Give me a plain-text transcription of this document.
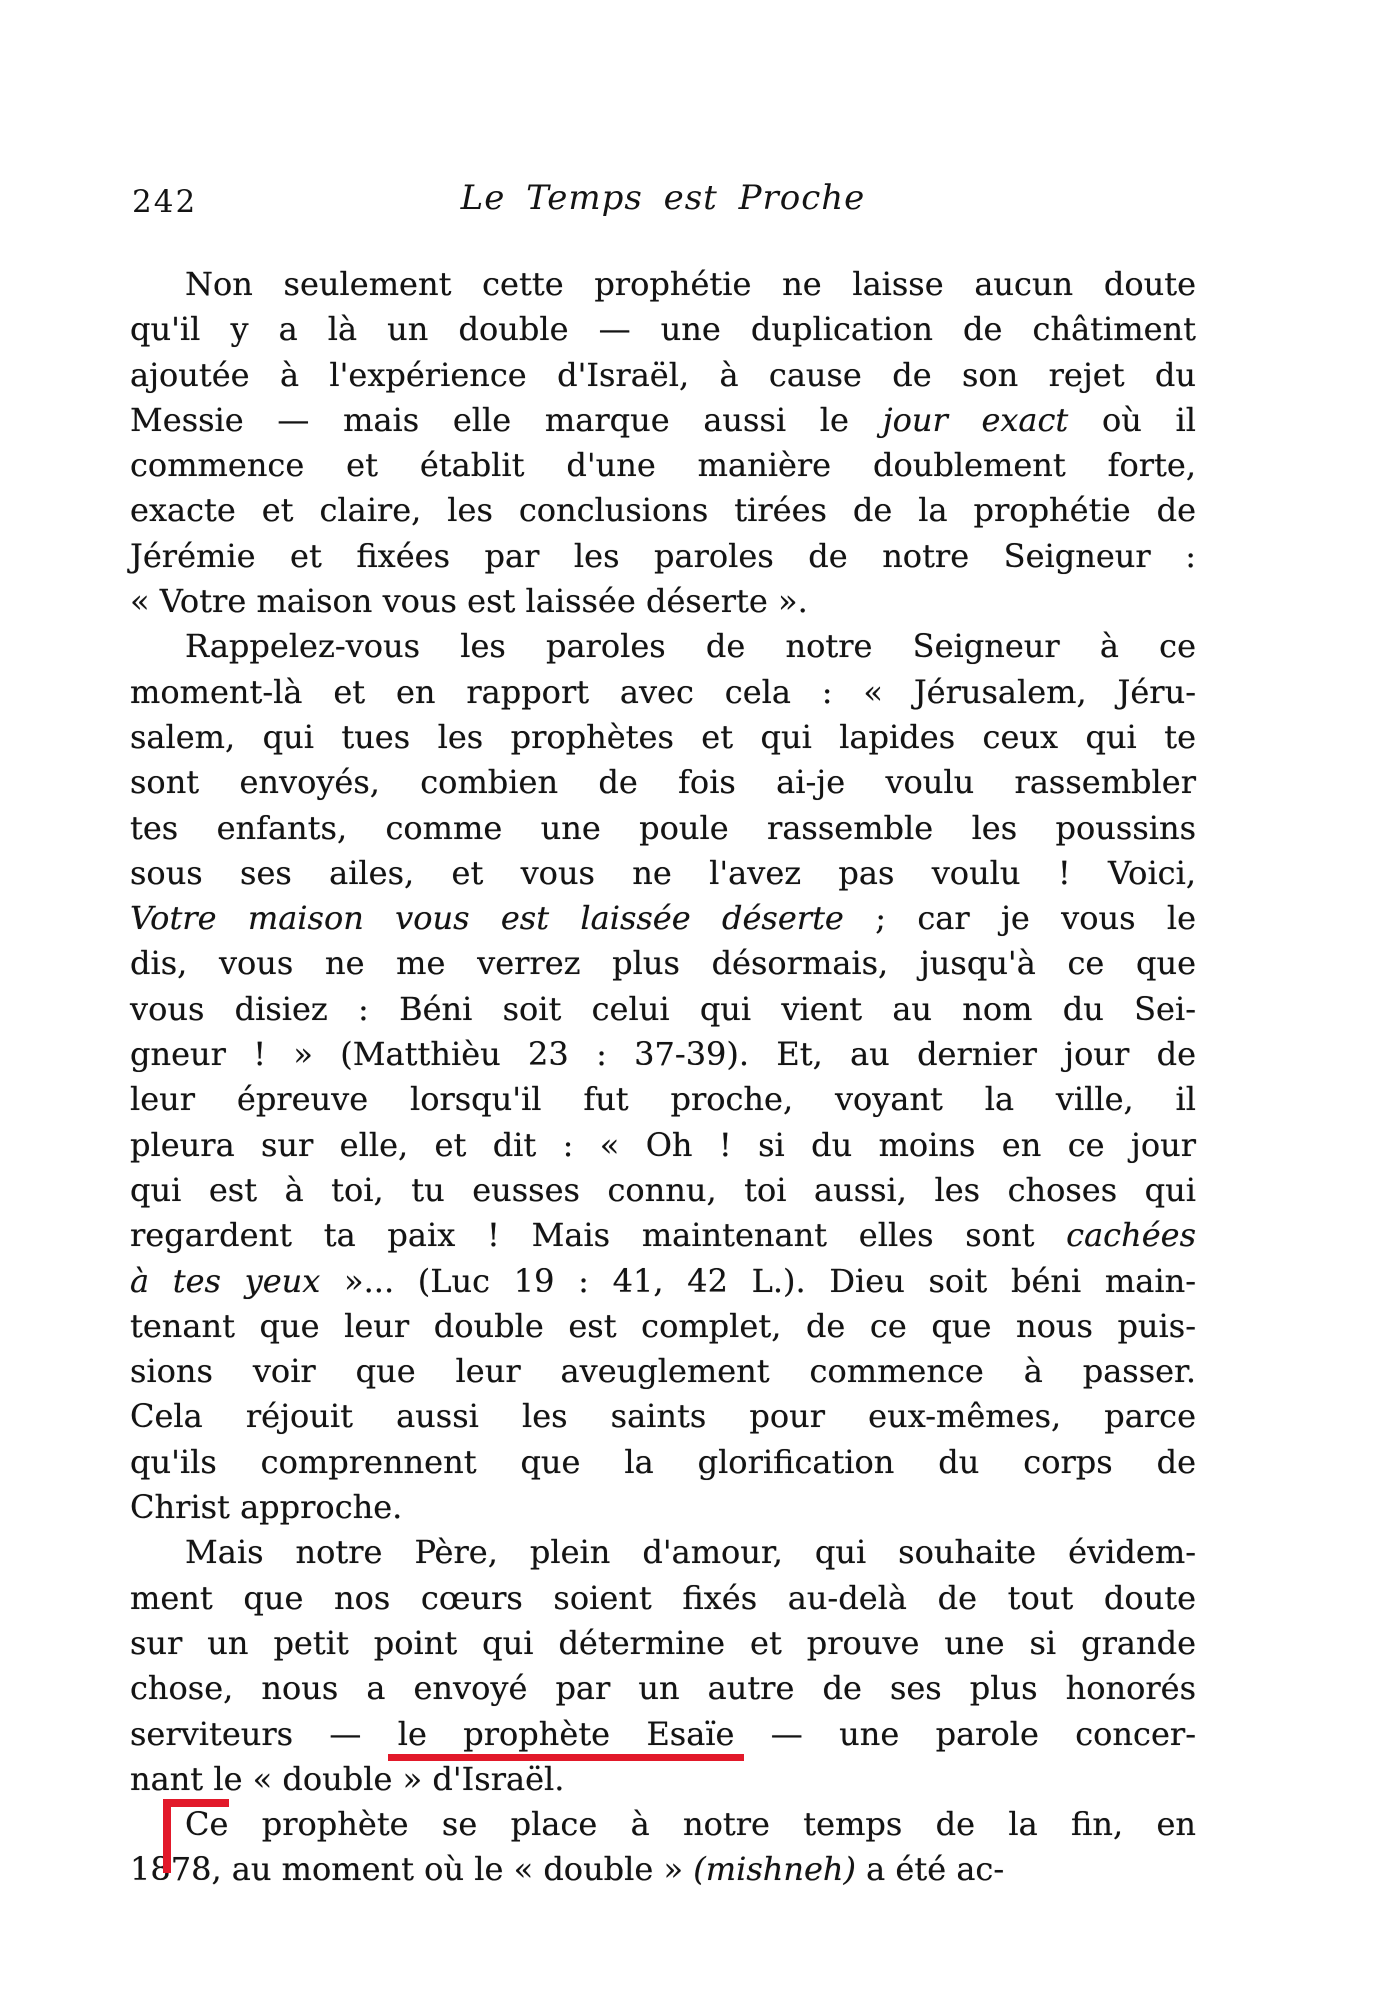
242	Le Temps est Proche
Non seulement cette prophétie ne laisse aucun doute
qu'il y a là un double — une duplication de châtiment
ajoutée à l'expérience d'Israël, à cause de son rejet du
Messie — mais elle marque aussi le jour exact où il
commence et établit d'une manière doublement forte,
exacte et claire, les conclusions tirées de la prophétie de
Jérémie et fixées par les paroles de notre Seigneur :
« Votre maison vous est laissée déserte ».
Rappelez-vous les paroles de notre Seigneur à ce
moment-là et en rapport avec cela : « Jérusalem, Jéru-
salem, qui tues les prophètes et qui lapides ceux qui te
sont envoyés, combien de fois ai-je voulu rassembler
tes enfants, comme une poule rassemble les poussins
sous ses ailes, et vous ne l'avez pas voulu ! Voici,
Votre maison vous est laissée déserte ; car je vous le
dis, vous ne me verrez plus désormais, jusqu'à ce que
vous disiez : Béni soit celui qui vient au nom du Sei-
gneur ! » (Matthièu 23 : 37-39). Et, au dernier jour de
leur épreuve lorsqu'il fut proche, voyant la ville, il
pleura sur elle, et dit : « Oh ! si du moins en ce jour
qui est à toi, tu eusses connu, toi aussi, les choses qui
regardent ta paix ! Mais maintenant elles sont cachées
à tes yeux »... (Luc 19 : 41, 42 L.). Dieu soit béni main-
tenant que leur double est complet, de ce que nous puis-
sions voir que leur aveuglement commence à passer.
Cela réjouit aussi les saints pour eux-mêmes, parce
qu'ils comprennent que la glorification du corps de
Christ approche.
Mais notre Père, plein d'amour, qui souhaite évidem-
ment que nos cœurs soient fixés au-delà de tout doute
sur un petit point qui détermine et prouve une si grande
chose, nous a envoyé par un autre de ses plus honorés
serviteurs — le prophète Esaïe — une parole concer-
nant le « double » d'Israël.
Ce prophète se place à notre temps de la fin, en
1878, au moment où le « double » (mishneh) a été ac-
